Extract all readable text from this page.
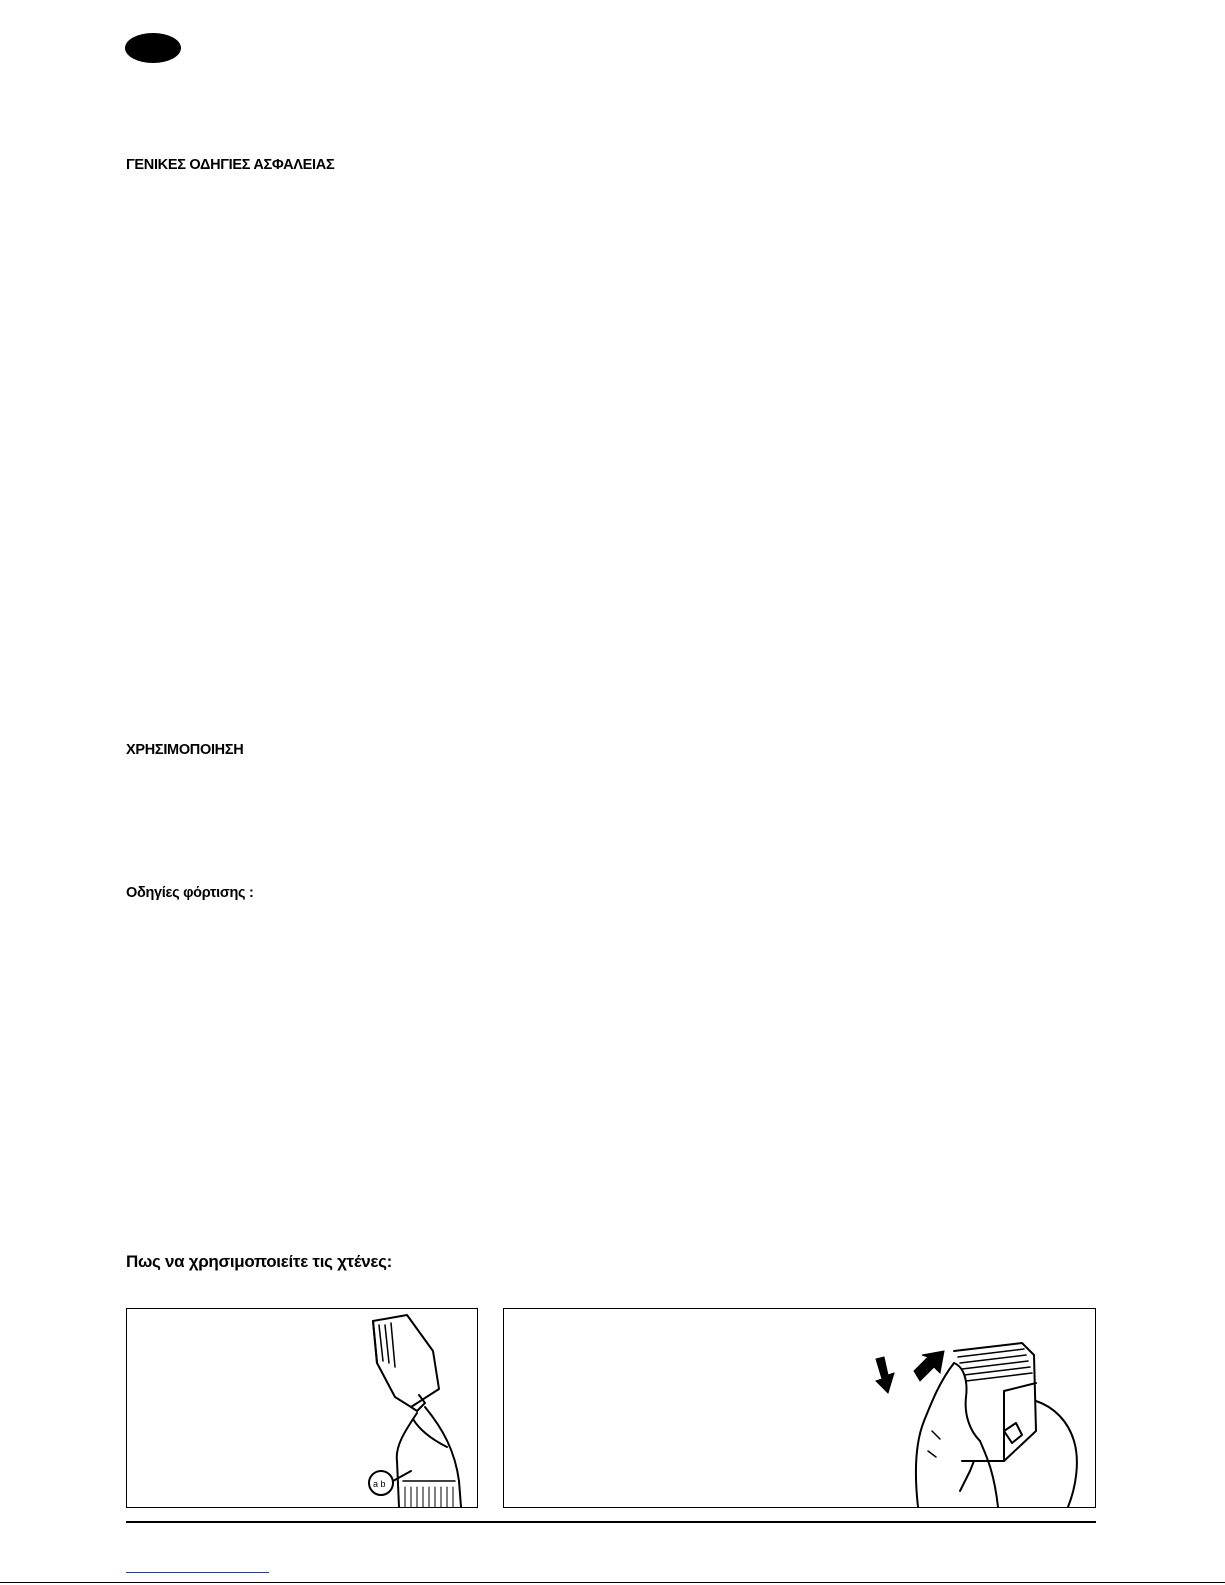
ΓΕΝΙΚΕΣ ΟΔΗΓΙΕΣ ΑΣΦΑΛΕΙΑΣ
ΧΡΗΣΙΜΟΠΟΙΗΣΗ
Οδηγίες φόρτισης :
Πως να χρησιμοποιείτε τις χτένες:
a b
